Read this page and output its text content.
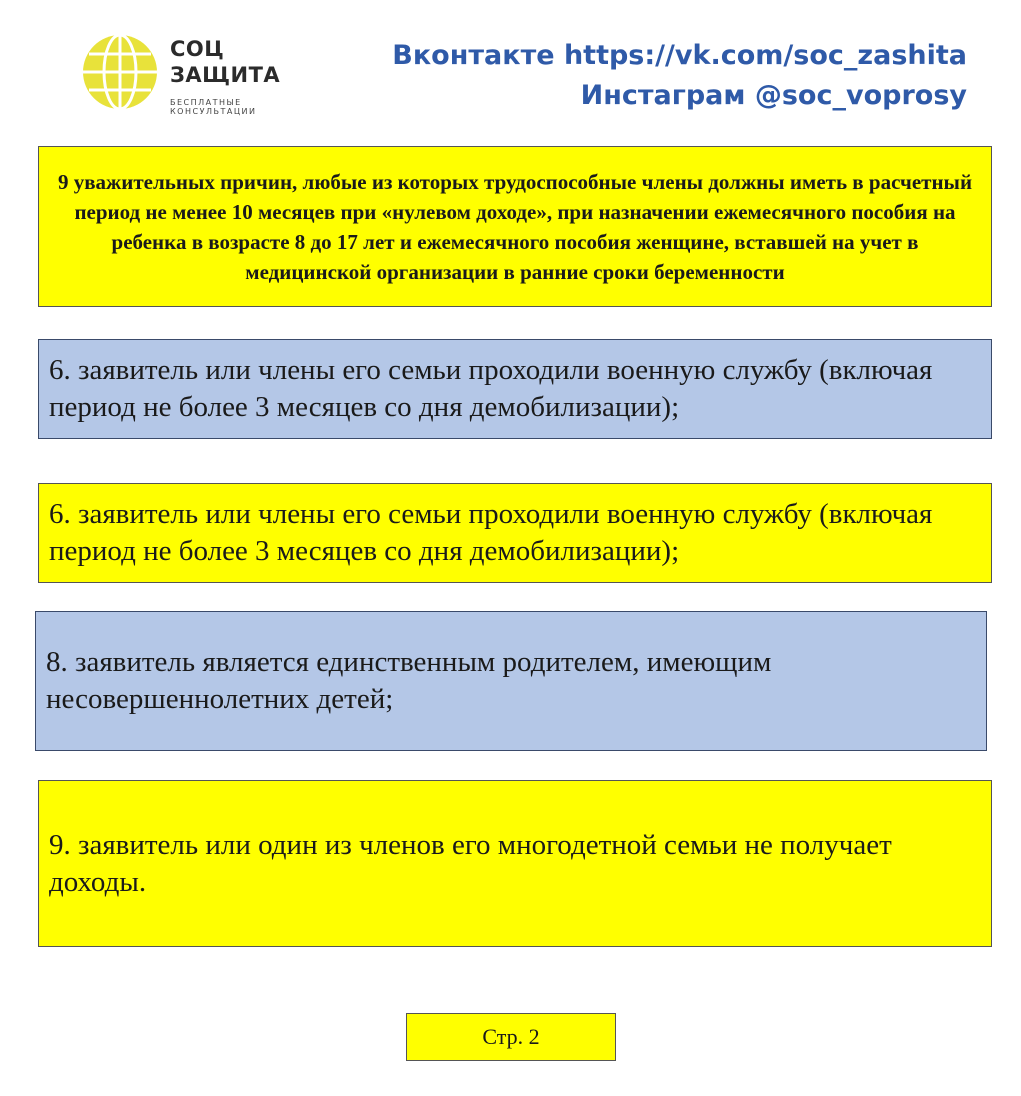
СОЦ
ЗАЩИТА
БЕСПЛАТНЫЕ
КОНСУЛЬТАЦИИ
Вконтакте https://vk.com/soc_zashita
Инстаграм @soc_voprosy
9 уважительных причин, любые из которых трудоспособные члены должны иметь в расчетный период не менее 10 месяцев при «нулевом доходе», при назначении ежемесячного пособия на ребенка в возрасте 8 до 17 лет и ежемесячного пособия женщине, вставшей на учет в медицинской организации в ранние сроки беременности
6. заявитель или члены его семьи проходили военную службу (включая период не более 3 месяцев со дня демобилизации);
6. заявитель или члены его семьи проходили военную службу (включая период не более 3 месяцев со дня демобилизации);
8. заявитель является единственным родителем, имеющим несовершеннолетних детей;
9. заявитель или один из членов его многодетной семьи не получает доходы.
Стр. 2
